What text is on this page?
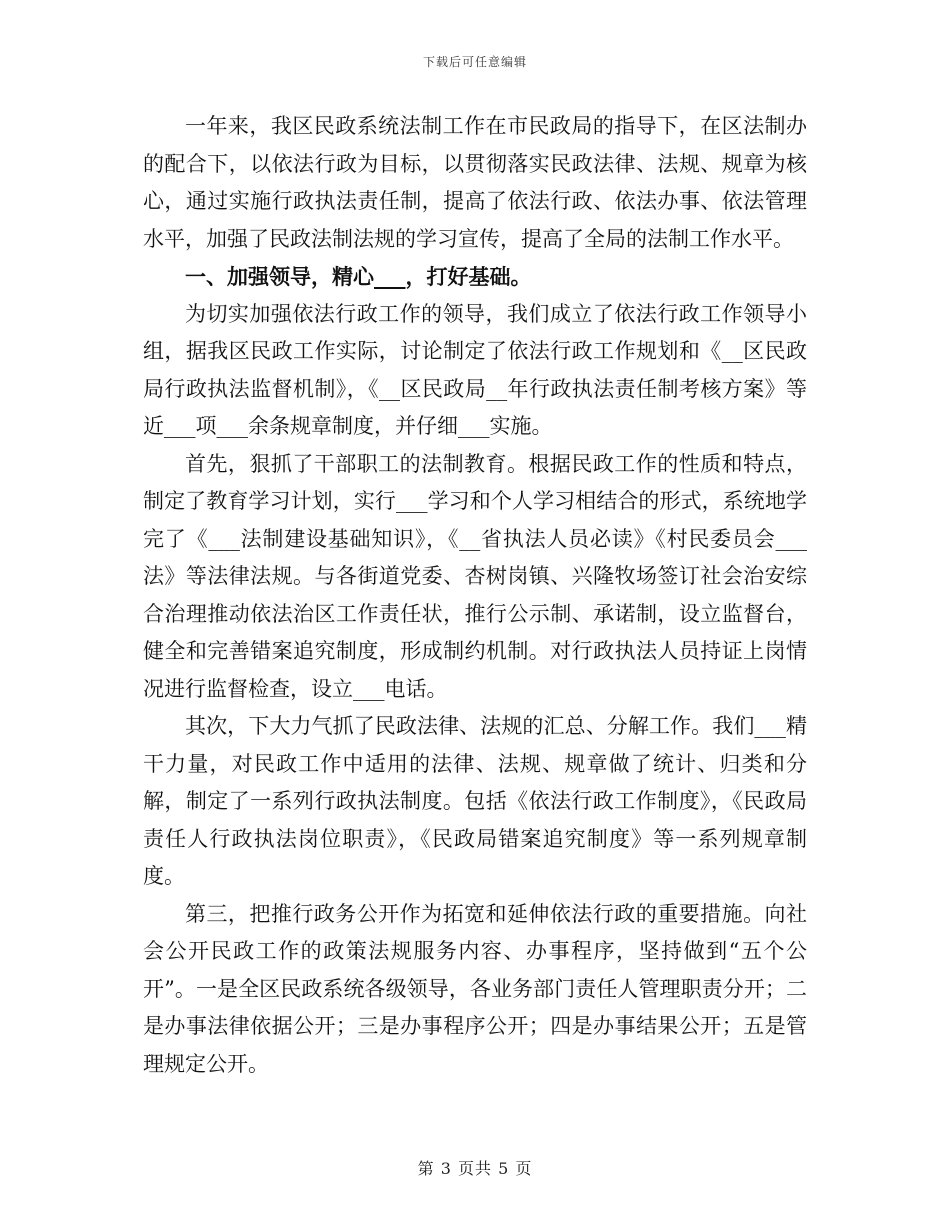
下载后可任意编辑

一年来，我区民政系统法制工作在市民政局的指导下，在区法制办的配合下，以依法行政为目标，以贯彻落实民政法律、法规、规章为核心，通过实施行政执法责任制，提高了依法行政、依法办事、依法管理水平，加强了民政法制法规的学习宣传，提高了全局的法制工作水平。

一、加强领导，精心___，打好基础。

为切实加强依法行政工作的领导，我们成立了依法行政工作领导小组，据我区民政工作实际，讨论制定了依法行政工作规划和《__区民政局行政执法监督机制》，《__区民政局__年行政执法责任制考核方案》等近___项___余条规章制度，并仔细___实施。

首先，狠抓了干部职工的法制教育。根据民政工作的性质和特点，制定了教育学习计划，实行___学习和个人学习相结合的形式，系统地学完了《___法制建设基础知识》，《__省执法人员必读》《村民委员会___法》等法律法规。与各街道党委、杏树岗镇、兴隆牧场签订社会治安综合治理推动依法治区工作责任状，推行公示制、承诺制，设立监督台，健全和完善错案追究制度，形成制约机制。对行政执法人员持证上岗情况进行监督检查，设立___电话。

其次，下大力气抓了民政法律、法规的汇总、分解工作。我们___精干力量，对民政工作中适用的法律、法规、规章做了统计、归类和分解，制定了一系列行政执法制度。包括《依法行政工作制度》，《民政局责任人行政执法岗位职责》，《民政局错案追究制度》等一系列规章制度。

第三，把推行政务公开作为拓宽和延伸依法行政的重要措施。向社会公开民政工作的政策法规服务内容、办事程序，坚持做到“五个公开”。一是全区民政系统各级领导，各业务部门责任人管理职责分开；二是办事法律依据公开；三是办事程序公开；四是办事结果公开；五是管理规定公开。

第 3 页共 5 页
